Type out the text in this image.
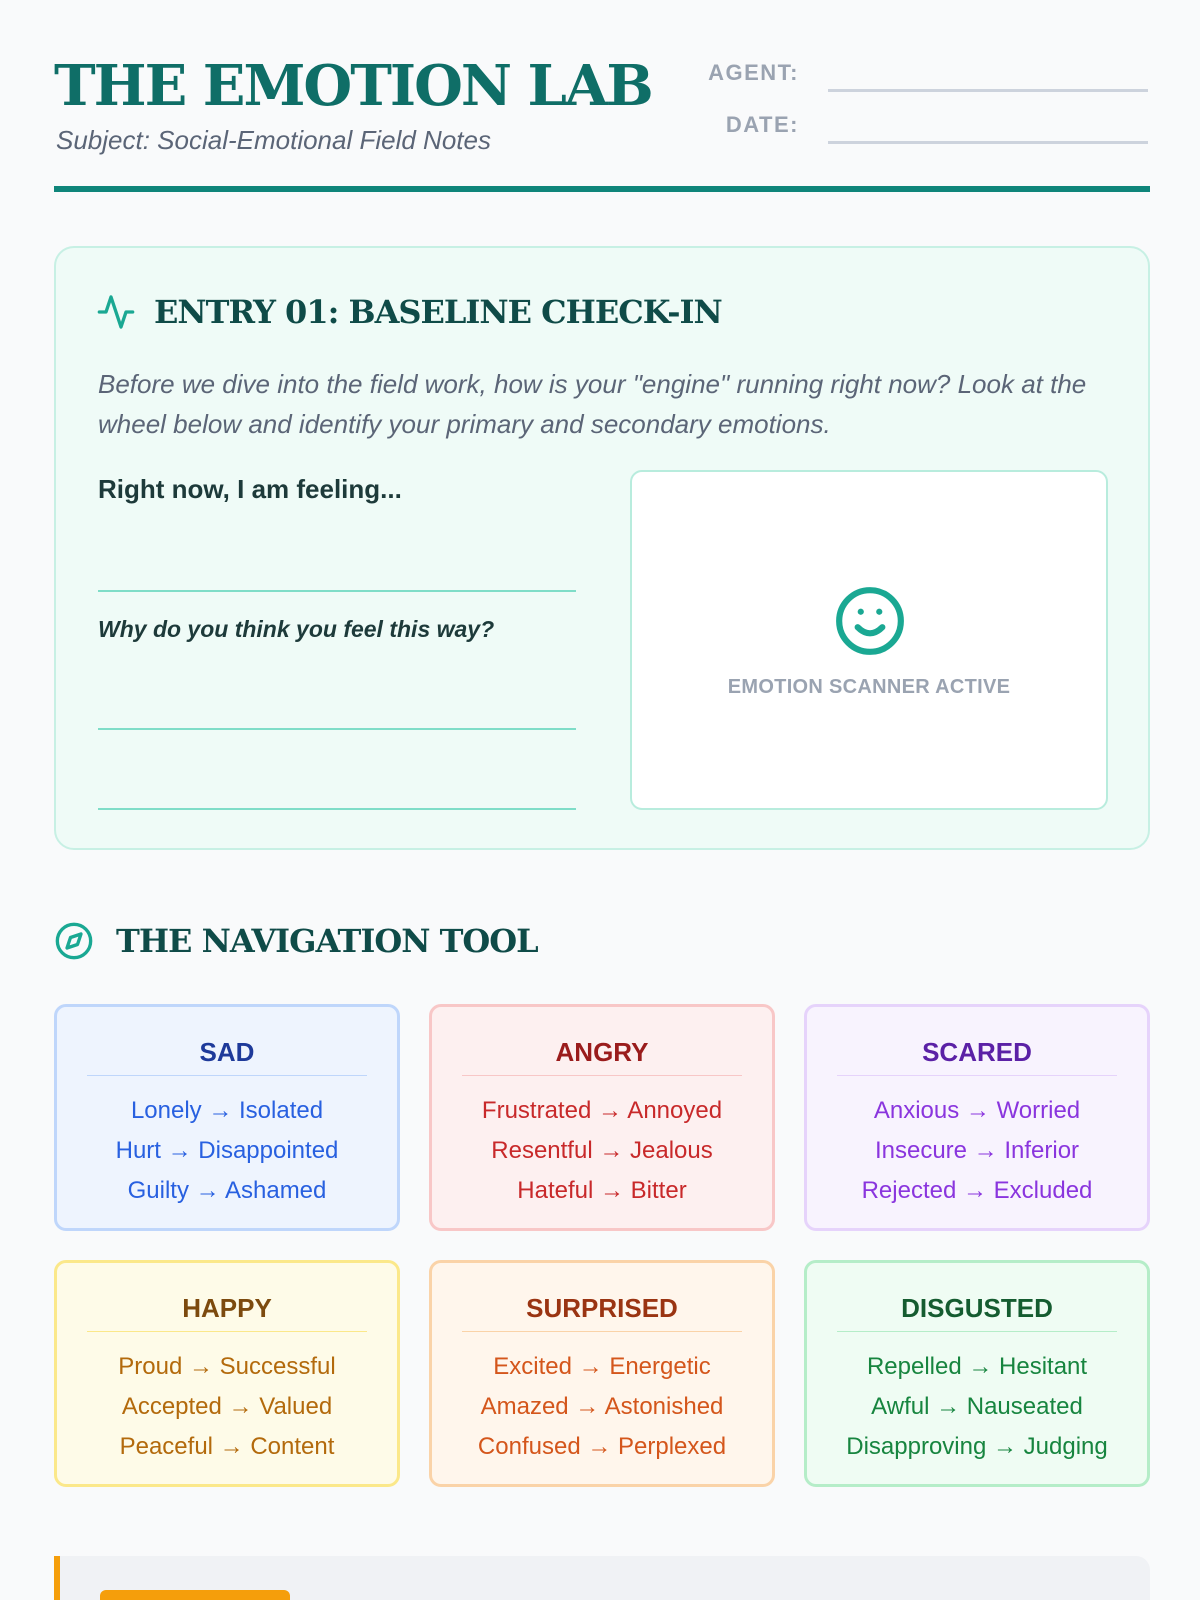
THE EMOTION LAB
Subject: Social-Emotional Field Notes
AGENT:
DATE:
ENTRY 01: BASELINE CHECK-IN
Before we dive into the field work, how is your "engine" running right now? Look at the wheel below and identify your primary and secondary emotions.
Right now, I am feeling...
Why do you think you feel this way?
EMOTION SCANNER ACTIVE
THE NAVIGATION TOOL
SAD
Lonely → Isolated
Hurt → Disappointed
Guilty → Ashamed
ANGRY
Frustrated → Annoyed
Resentful → Jealous
Hateful → Bitter
SCARED
Anxious → Worried
Insecure → Inferior
Rejected → Excluded
HAPPY
Proud → Successful
Accepted → Valued
Peaceful → Content
SURPRISED
Excited → Energetic
Amazed → Astonished
Confused → Perplexed
DISGUSTED
Repelled → Hesitant
Awful → Nauseated
Disapproving → Judging
